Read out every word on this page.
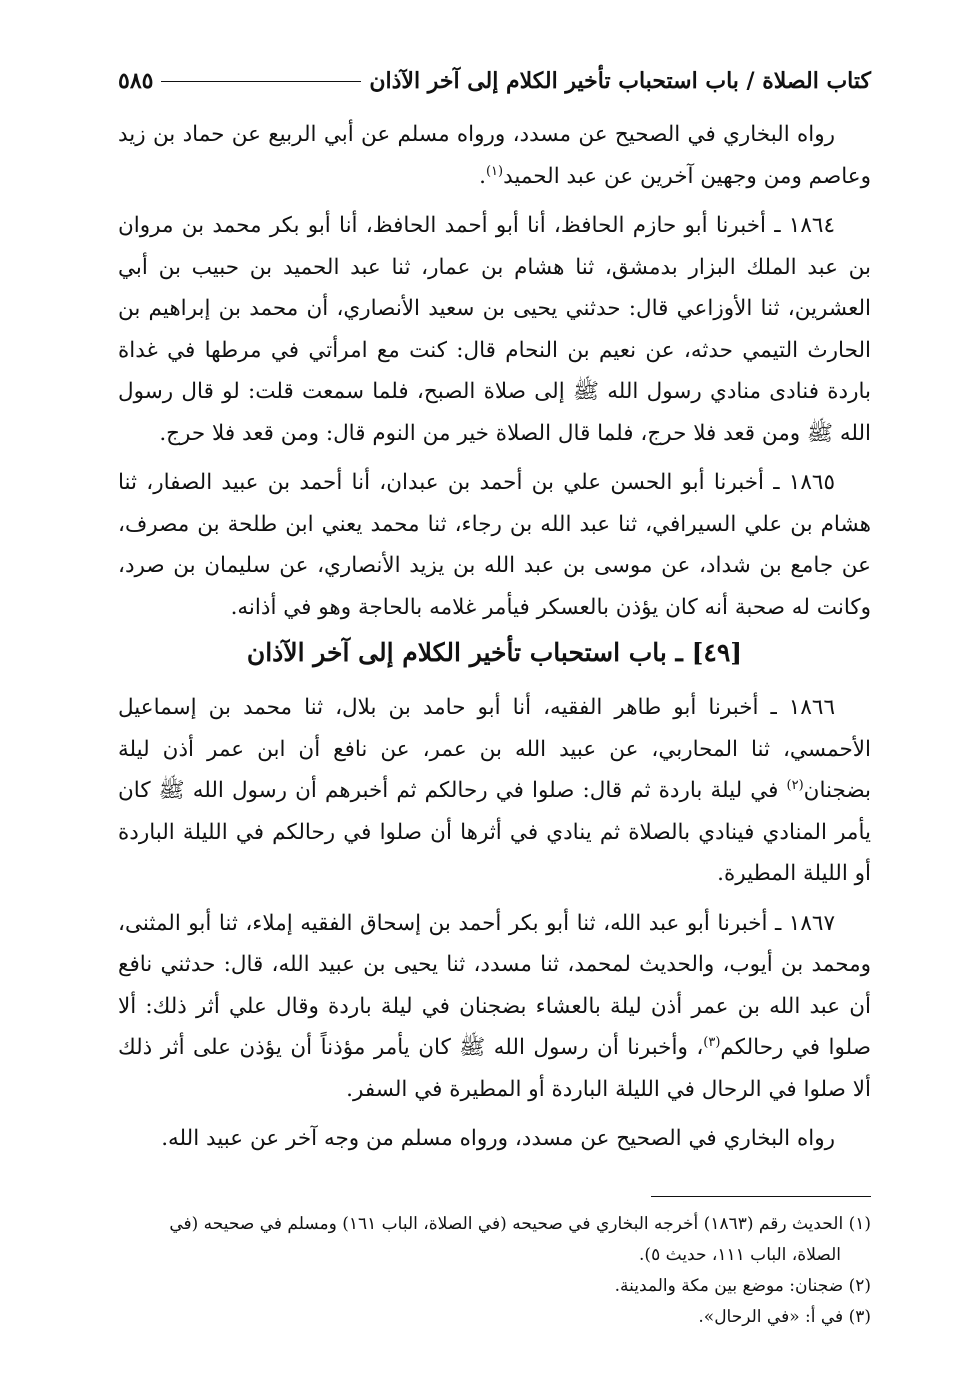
كتاب الصلاة / باب استحباب تأخير الكلام إلى آخر الآذان
٥٨٥

رواه البخاري في الصحيح عن مسدد، ورواه مسلم عن أبي الربيع عن حماد بن زيد وعاصم ومن وجهين آخرين عن عبد الحميد$^{(١)}$.

١٨٦٤ ـ أخبرنا أبو حازم الحافظ، أنا أبو أحمد الحافظ، أنا أبو بكر محمد بن مروان بن عبد الملك البزار بدمشق، ثنا هشام بن عمار، ثنا عبد الحميد بن حبيب بن أبي العشرين، ثنا الأوزاعي قال: حدثني يحيى بن سعيد الأنصاري، أن محمد بن إبراهيم بن الحارث التيمي حدثه، عن نعيم بن النحام قال: كنت مع امرأتي في مرطها في غداة باردة فنادى منادي رسول الله ﷺ إلى صلاة الصبح، فلما سمعت قلت: لو قال رسول الله ﷺ ومن قعد فلا حرج، فلما قال الصلاة خير من النوم قال: ومن قعد فلا حرج.

١٨٦٥ ـ أخبرنا أبو الحسن علي بن أحمد بن عبدان، أنا أحمد بن عبيد الصفار، ثنا هشام بن علي السيرافي، ثنا عبد الله بن رجاء، ثنا محمد يعني ابن طلحة بن مصرف، عن جامع بن شداد، عن موسى بن عبد الله بن يزيد الأنصاري، عن سليمان بن صرد، وكانت له صحبة أنه كان يؤذن بالعسكر فيأمر غلامه بالحاجة وهو في أذانه.

[٤٩] ـ باب استحباب تأخير الكلام إلى آخر الآذان

١٨٦٦ ـ أخبرنا أبو طاهر الفقيه، أنا أبو حامد بن بلال، ثنا محمد بن إسماعيل الأحمسي، ثنا المحاربي، عن عبيد الله بن عمر، عن نافع أن ابن عمر أذن ليلة بضجنان$^{(٢)}$ في ليلة باردة ثم قال: صلوا في رحالكم ثم أخبرهم أن رسول الله ﷺ كان يأمر المنادي فينادي بالصلاة ثم ينادي في أثرها أن صلوا في رحالكم في الليلة الباردة أو الليلة المطيرة.

١٨٦٧ ـ أخبرنا أبو عبد الله، ثنا أبو بكر أحمد بن إسحاق الفقيه إملاء، ثنا أبو المثنى، ومحمد بن أيوب، والحديث لمحمد، ثنا مسدد، ثنا يحيى بن عبيد الله، قال: حدثني نافع أن عبد الله بن عمر أذن ليلة بالعشاء بضجنان في ليلة باردة وقال علي أثر ذلك: ألا صلوا في رحالكم$^{(٣)}$، وأخبرنا أن رسول الله ﷺ كان يأمر مؤذناً أن يؤذن على أثر ذلك ألا صلوا في الرحال في الليلة الباردة أو المطيرة في السفر.

رواه البخاري في الصحيح عن مسدد، ورواه مسلم من وجه آخر عن عبيد الله.

(١) الحديث رقم (١٨٦٣) أخرجه البخاري في صحيحه (في الصلاة، الباب ١٦١) ومسلم في صحيحه (في

الصلاة، الباب ١١١، حديث ٥).

(٢) ضجنان: موضع بين مكة والمدينة.

(٣) في أ: «في الرحال».
